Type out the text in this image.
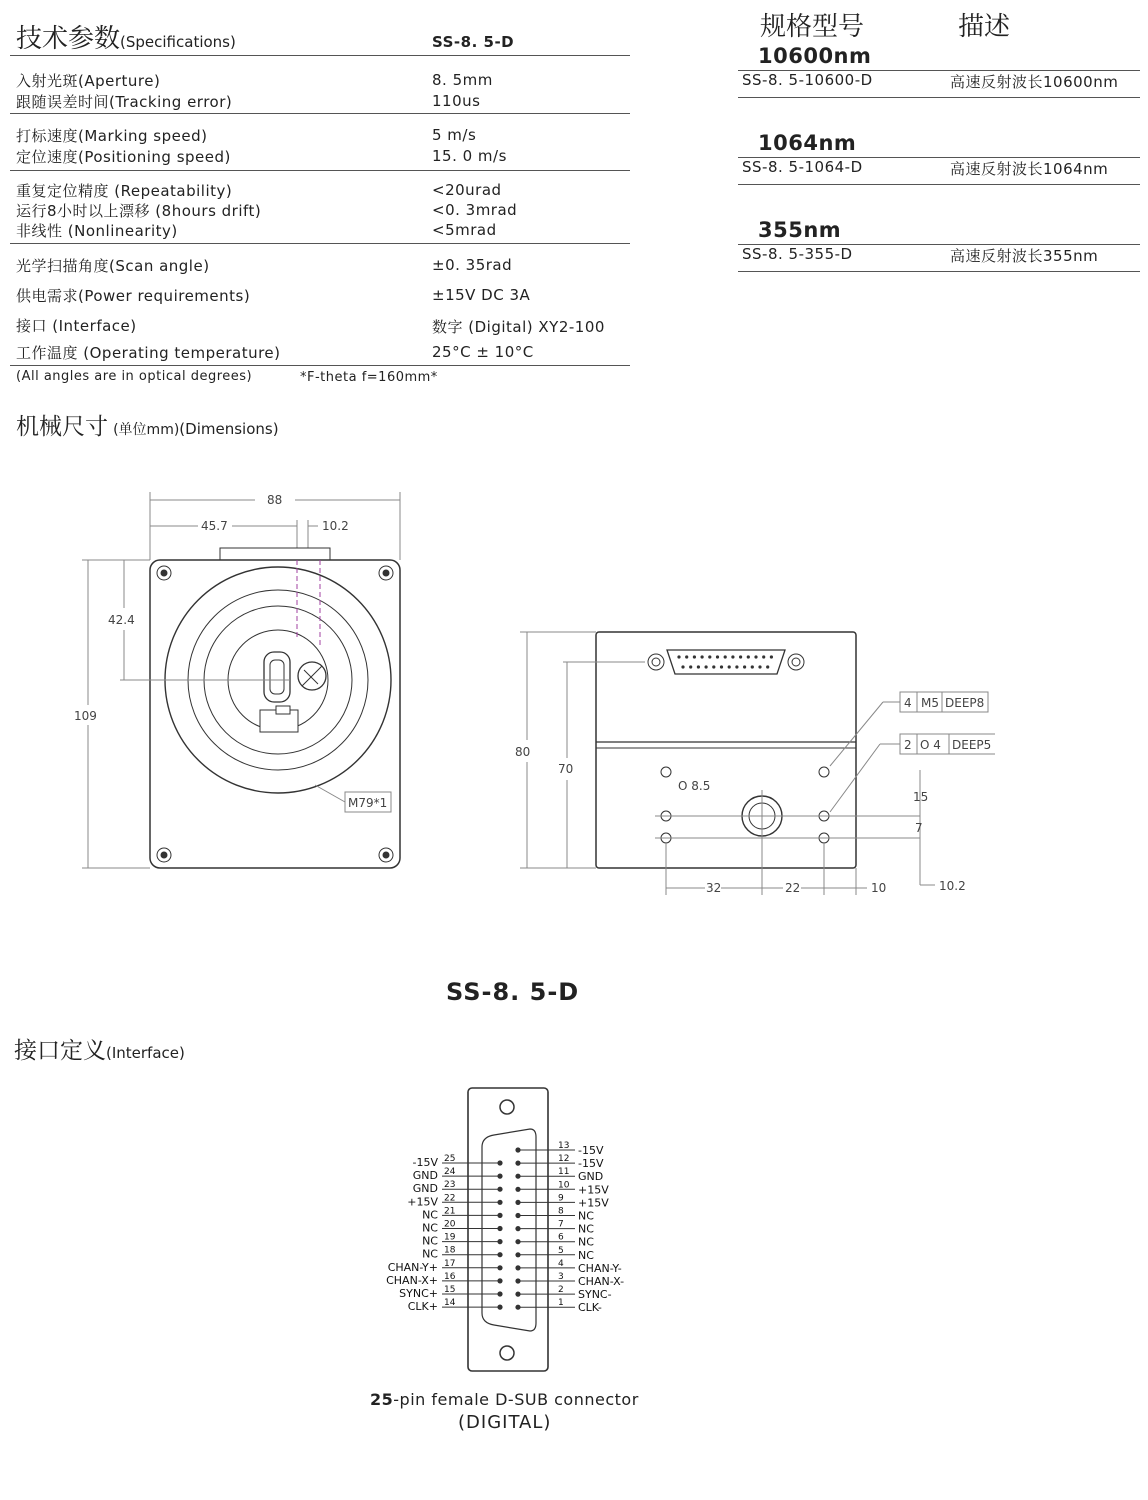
技术参数(Specifications)	SS-8. 5-D
入射光斑(Aperture)	8. 5mm
跟随误差时间(Tracking error)	110us
打标速度(Marking speed)	5 m/s
定位速度(Positioning speed)	15. 0 m/s
重复定位精度 (Repeatability)	<20urad
运行8小时以上漂移 (8hours drift)	<0. 3mrad
非线性 (Nonlinearity)	<5mrad
光学扫描角度(Scan angle)	±0. 35rad
供电需求(Power requirements)	±15V DC 3A
接口 (Interface)	数字 (Digital) XY2-100
工作温度 (Operating temperature)	25°C ± 10°C
(All angles are in optical degrees)	*F-theta f=160mm*
规格型号	描述
10600nm
SS-8. 5-10600-D	高速反射波长10600nm
1064nm
SS-8. 5-1064-D	高速反射波长1064nm
355nm
SS-8. 5-355-D	高速反射波长355nm
机械尺寸 (单位mm)(Dimensions)
88
45.7	10.2
42.4
109
M79*1
80
70
4 M5 DEEP8
2 O 4 DEEP5
O 8.5
15
7
32	22	10	10.2
SS-8. 5-D
接口定义(Interface)
25
-15V
24
GND
23
GND
22
+15V
21
NC
20
NC
19
NC
18
NC
17
CHAN-Y+
16
CHAN-X+
15
SYNC+
14
CLK+
13 -15V
12 -15V
11 GND
10 +15V
9 +15V
8 NC
7 NC
6 NC
5 NC
4 CHAN-Y-
3 CHAN-X-
2 SYNC-
1 CLK-
25-pin female D-SUB connector
(DIGITAL)
